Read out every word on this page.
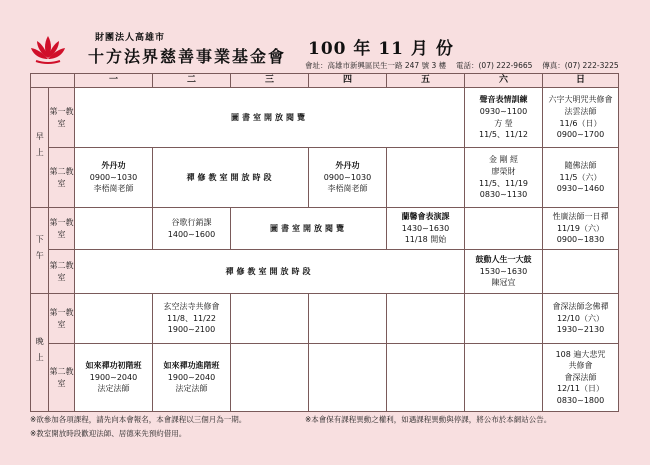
財團法人高雄市
十方法界慈善事業基金會 100 年 11 月 份
會址：高雄市新興區民生一路 247 號 3 樓　 電話：(07) 222-9665　 傳真：(07) 222-3225
		一	二	三	四	五	六	日
早上	第一教室	圖書室開放閱覽					聲音表情訓練
0930~1100
方 瑩
11/5、11/12	六字大明咒共修會
法雲法師
11/6（日）
0900~1700
	第二教室	外丹功
0900~1030
李梧崗老師	禪修教室開放時段		外丹功
0900~1030
李梧崗老師		金 剛 經
廖榮財
11/5、11/19
0830~1130	隨佛法師
11/5（六）
0930~1460
下午	第一教室		谷歌行銷課
1400~1600	圖書室開放閱覽		蘭馨會表演課
1430~1630
11/18 開始		性廣法師一日禪
11/19（六）
0900~1830
	第二教室	禪修教室開放時段					鼓動人生一大鼓
1530~1630
陳冠宜	
晚上	第一教室		玄空法寺共修會
11/8、11/22
1900~2100					會深法師念佛禪
12/10（六）
1930~2130
	第二教室	如來禪功初階班
1900~2040
法定法師	如來禪功進階班
1900~2040
法定法師					108 遍大悲咒
共修會
會深法師
12/11（日）
0830~1800
※欲參加各項課程，請先向本會報名，本會課程以三個月為一期。	※本會保有課程異動之權利，如遇課程異動與停課，將公布於本網站公告。
※教室開放時段歡迎法師、居德來先預約借用。
